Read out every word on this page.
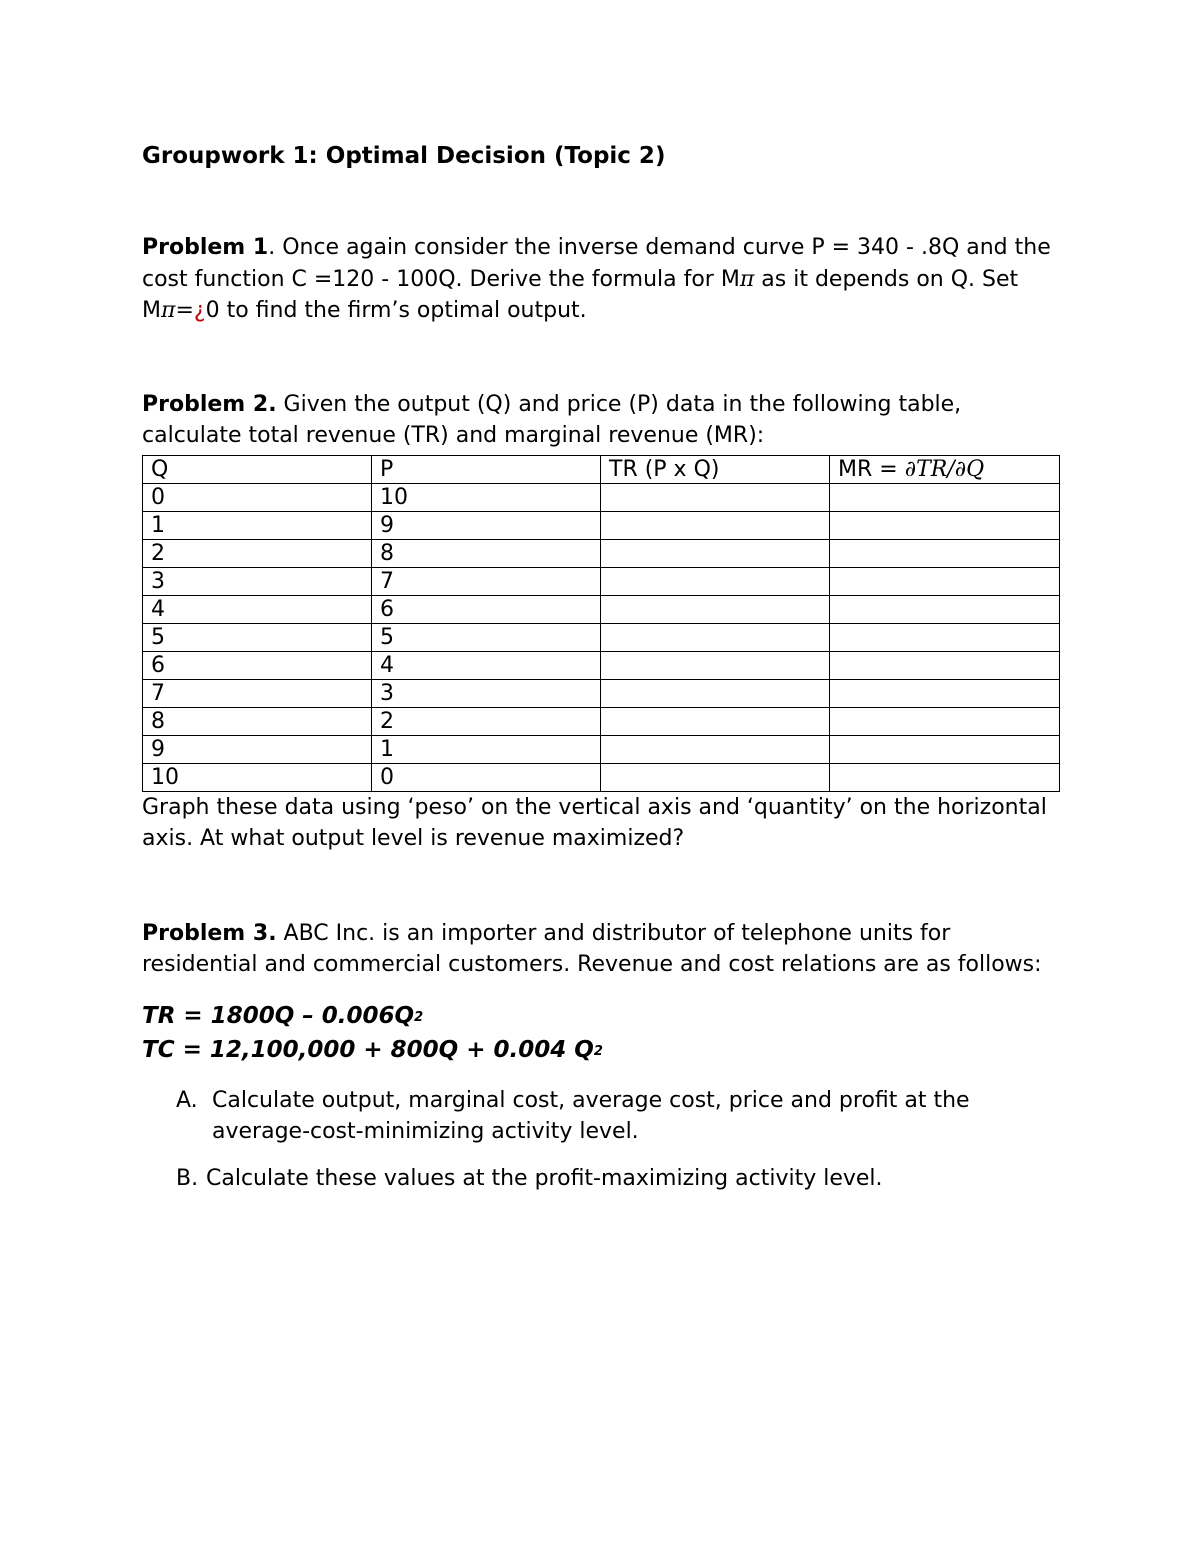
Groupwork 1: Optimal Decision (Topic 2)

Problem 1. Once again consider the inverse demand curve P = 340 - .8Q and the cost function C =120 - 100Q. Derive the formula for Mπ as it depends on Q. Set Mπ=¿0 to find the firm’s optimal output.

Problem 2. Given the output (Q) and price (P) data in the following table, calculate total revenue (TR) and marginal revenue (MR):

Q	P	TR (P x Q)	MR = ∂TR/∂Q
0	10		
1	9		
2	8		
3	7		
4	6		
5	5		
6	4		
7	3		
8	2		
9	1		
10	0		

Graph these data using ‘peso’ on the vertical axis and ‘quantity’ on the horizontal axis. At what output level is revenue maximized?

Problem 3. ABC Inc. is an importer and distributor of telephone units for residential and commercial customers. Revenue and cost relations are as follows:

TR = $1800Q - 0.006Q^2$
TC = 12,100,000 + 800Q + 0.004 $Q^2$
A. Calculate output, marginal cost, average cost, price and profit at the average-cost-minimizing activity level.
B. Calculate these values at the profit-maximizing activity level.
